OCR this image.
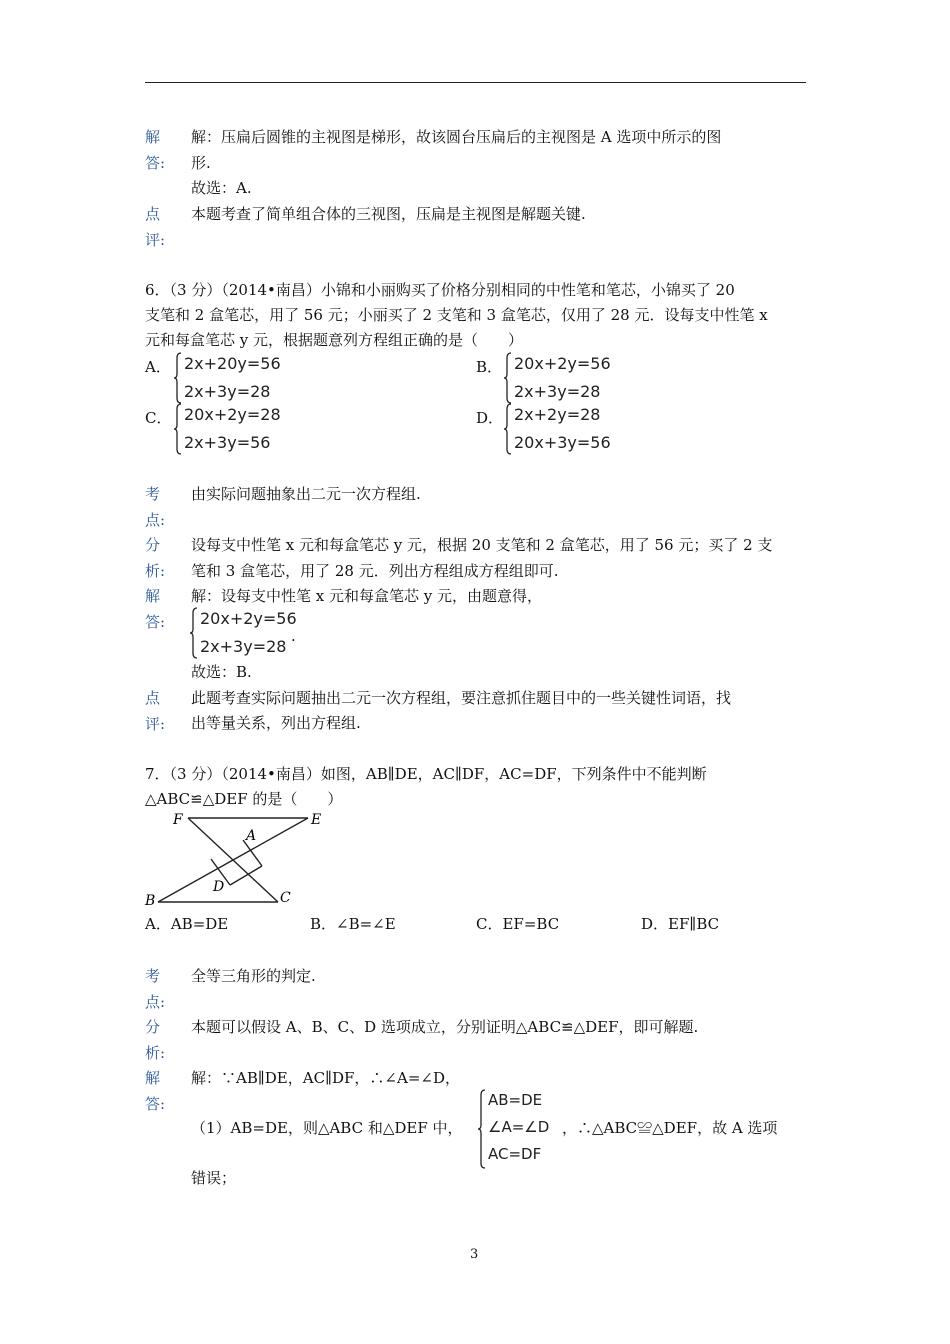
解
答:
解：压扁后圆锥的主视图是梯形，故该圆台压扁后的主视图是 A 选项中所示的图
形.
故选：A.
点
评:
本题考查了简单组合体的三视图，压扁是主视图是解题关键.
6．（3 分）（2014•南昌）小锦和小丽购买了价格分别相同的中性笔和笔芯，小锦买了 20
支笔和 2 盒笔芯，用了 56 元；小丽买了 2 支笔和 3 盒笔芯，仅用了 28 元．设每支中性笔 x
元和每盒笔芯 y 元，根据题意列方程组正确的是（　　）
A． 2x+20y=56
2x+3y=28
B． 20x+2y=56
2x+3y=28
C． 20x+2y=28
2x+3y=56
D． 2x+2y=28
20x+3y=56
考
点:
由实际问题抽象出二元一次方程组.
分
析:
设每支中性笔 x 元和每盒笔芯 y 元，根据 20 支笔和 2 盒笔芯，用了 56 元；买了 2 支
笔和 3 盒笔芯，用了 28 元．列出方程组成方程组即可.
解
答:
解：设每支中性笔 x 元和每盒笔芯 y 元，由题意得，
20x+2y=56
2x+3y=28
.
故选：B.
点
评:
此题考查实际问题抽出二元一次方程组，要注意抓住题目中的一些关键性词语，找
出等量关系，列出方程组.
7．（3 分）（2014•南昌）如图，AB∥DE，AC∥DF，AC=DF，下列条件中不能判断
△ABC≌△DEF 的是（　　）
F	E
A
B	C
D
A．AB=DE	B．∠B=∠E	C．EF=BC	D．EF∥BC
考
点:
全等三角形的判定.
分
析:
本题可以假设 A、B、C、D 选项成立，分别证明△ABC≌△DEF，即可解题.
解
答:
解：∵AB∥DE，AC∥DF，∴∠A=∠D，
（1）AB=DE，则△ABC 和△DEF 中，
AB=DE
∠A=∠D
AC=DF
，∴△ABC≌△DEF，故 A 选项
错误；
3
